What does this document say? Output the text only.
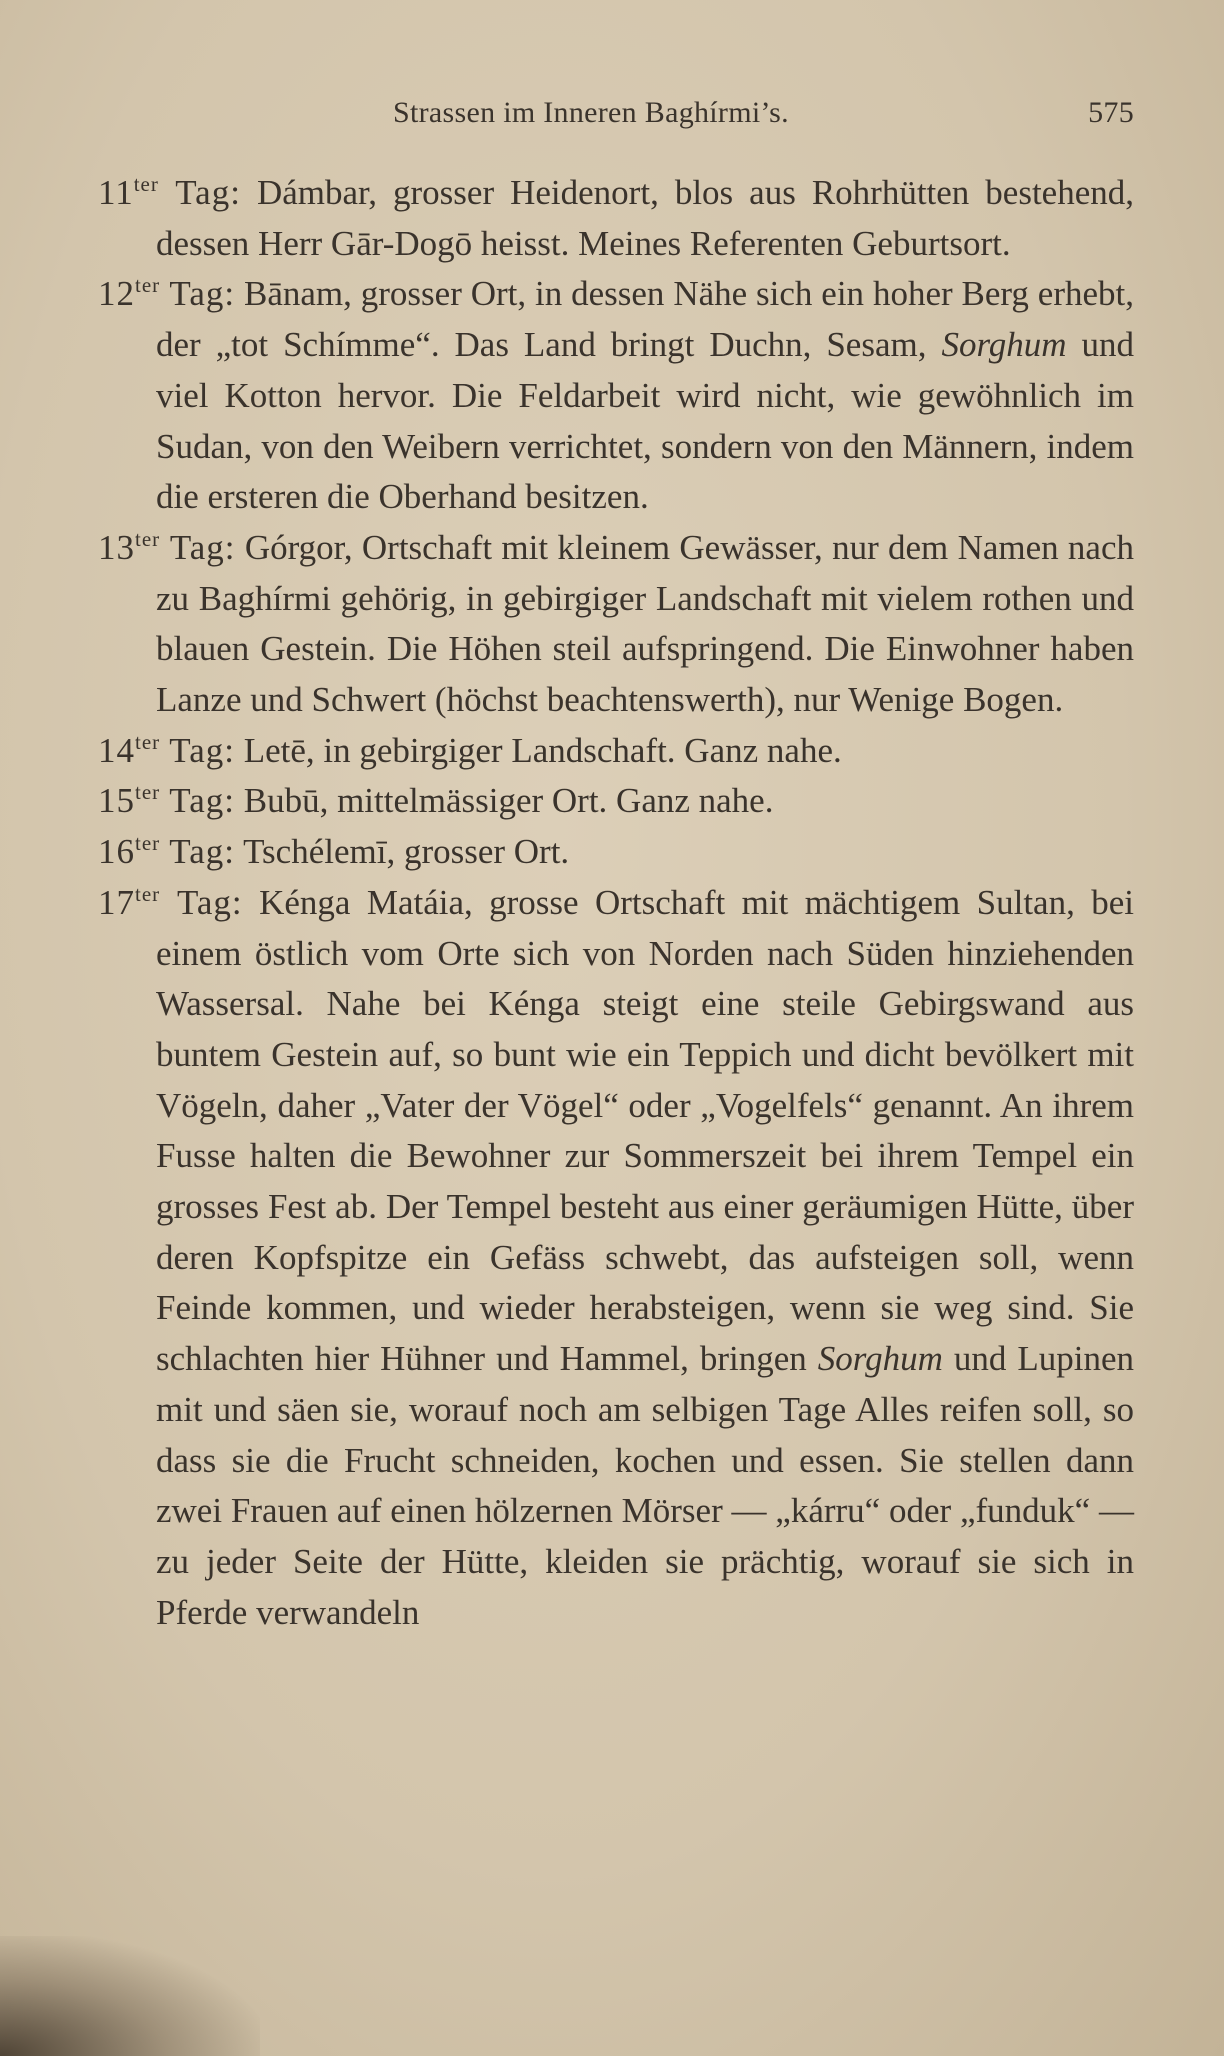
Strassen im Inneren Baghírmi’s.	575

$11^{ter}$ Tag: Dámbar, grosser Heidenort, blos aus Rohrhütten bestehend, dessen Herr Gār-Dogō heisst. Meines Referenten Geburtsort.

$12^{ter}$ Tag: Bānam, grosser Ort, in dessen Nähe sich ein hoher Berg erhebt, der „tot Schímme“. Das Land bringt Duchn, Sesam, Sorghum und viel Kotton hervor. Die Feldarbeit wird nicht, wie gewöhnlich im Sudan, von den Weibern verrichtet, sondern von den Männern, indem die ersteren die Oberhand besitzen.

$13^{ter}$ Tag: Górgor, Ortschaft mit kleinem Gewässer, nur dem Namen nach zu Baghírmi gehörig, in gebirgiger Landschaft mit vielem rothen und blauen Gestein. Die Höhen steil aufspringend. Die Einwohner haben Lanze und Schwert (höchst beachtenswerth), nur Wenige Bogen.

$14^{ter}$ Tag: Letē, in gebirgiger Landschaft. Ganz nahe.

$15^{ter}$ Tag: Bubū, mittelmässiger Ort. Ganz nahe.

$16^{ter}$ Tag: Tschélemī, grosser Ort.

$17^{ter}$ Tag: Kénga Matáia, grosse Ortschaft mit mächtigem Sultan, bei einem östlich vom Orte sich von Norden nach Süden hinziehenden Wassersal. Nahe bei Kénga steigt eine steile Gebirgswand aus buntem Gestein auf, so bunt wie ein Teppich und dicht bevölkert mit Vögeln, daher „Vater der Vögel“ oder „Vogelfels“ genannt. An ihrem Fusse halten die Bewohner zur Sommerszeit bei ihrem Tempel ein grosses Fest ab. Der Tempel besteht aus einer geräumigen Hütte, über deren Kopfspitze ein Gefäss schwebt, das aufsteigen soll, wenn Feinde kommen, und wieder herabsteigen, wenn sie weg sind. Sie schlachten hier Hühner und Hammel, bringen Sorghum und Lupinen mit und säen sie, worauf noch am selbigen Tage Alles reifen soll, so dass sie die Frucht schneiden, kochen und essen. Sie stellen dann zwei Frauen auf einen hölzernen Mörser — „kárru“ oder „funduk“ — zu jeder Seite der Hütte, kleiden sie prächtig, worauf sie sich in Pferde verwandeln
